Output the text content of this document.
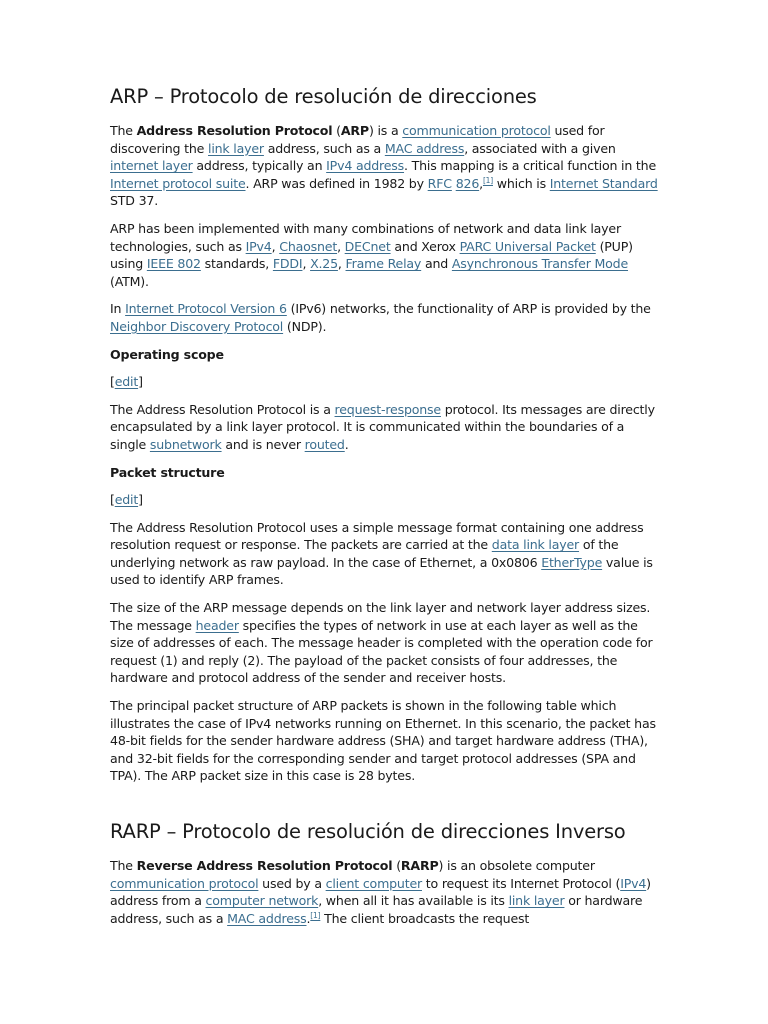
ARP – Protocolo de resolución de direcciones

The Address Resolution Protocol (ARP) is a communication protocol used for discovering the link layer address, such as a MAC address, associated with a given internet layer address, typically an IPv4 address. This mapping is a critical function in the Internet protocol suite. ARP was defined in 1982 by RFC 826,[1] which is Internet Standard STD 37.

ARP has been implemented with many combinations of network and data link layer technologies, such as IPv4, Chaosnet, DECnet and Xerox PARC Universal Packet (PUP) using IEEE 802 standards, FDDI, X.25, Frame Relay and Asynchronous Transfer Mode (ATM).

In Internet Protocol Version 6 (IPv6) networks, the functionality of ARP is provided by the Neighbor Discovery Protocol (NDP).

Operating scope

[edit]

The Address Resolution Protocol is a request-response protocol. Its messages are directly encapsulated by a link layer protocol. It is communicated within the boundaries of a single subnetwork and is never routed.

Packet structure

[edit]

The Address Resolution Protocol uses a simple message format containing one address resolution request or response. The packets are carried at the data link layer of the underlying network as raw payload. In the case of Ethernet, a 0x0806 EtherType value is used to identify ARP frames.

The size of the ARP message depends on the link layer and network layer address sizes. The message header specifies the types of network in use at each layer as well as the size of addresses of each. The message header is completed with the operation code for request (1) and reply (2). The payload of the packet consists of four addresses, the hardware and protocol address of the sender and receiver hosts.

The principal packet structure of ARP packets is shown in the following table which illustrates the case of IPv4 networks running on Ethernet. In this scenario, the packet has 48-bit fields for the sender hardware address (SHA) and target hardware address (THA), and 32-bit fields for the corresponding sender and target protocol addresses (SPA and TPA). The ARP packet size in this case is 28 bytes.

RARP – Protocolo de resolución de direcciones Inverso

The Reverse Address Resolution Protocol (RARP) is an obsolete computer communication protocol used by a client computer to request its Internet Protocol (IPv4) address from a computer network, when all it has available is its link layer or hardware address, such as a MAC address.[1] The client broadcasts the request
